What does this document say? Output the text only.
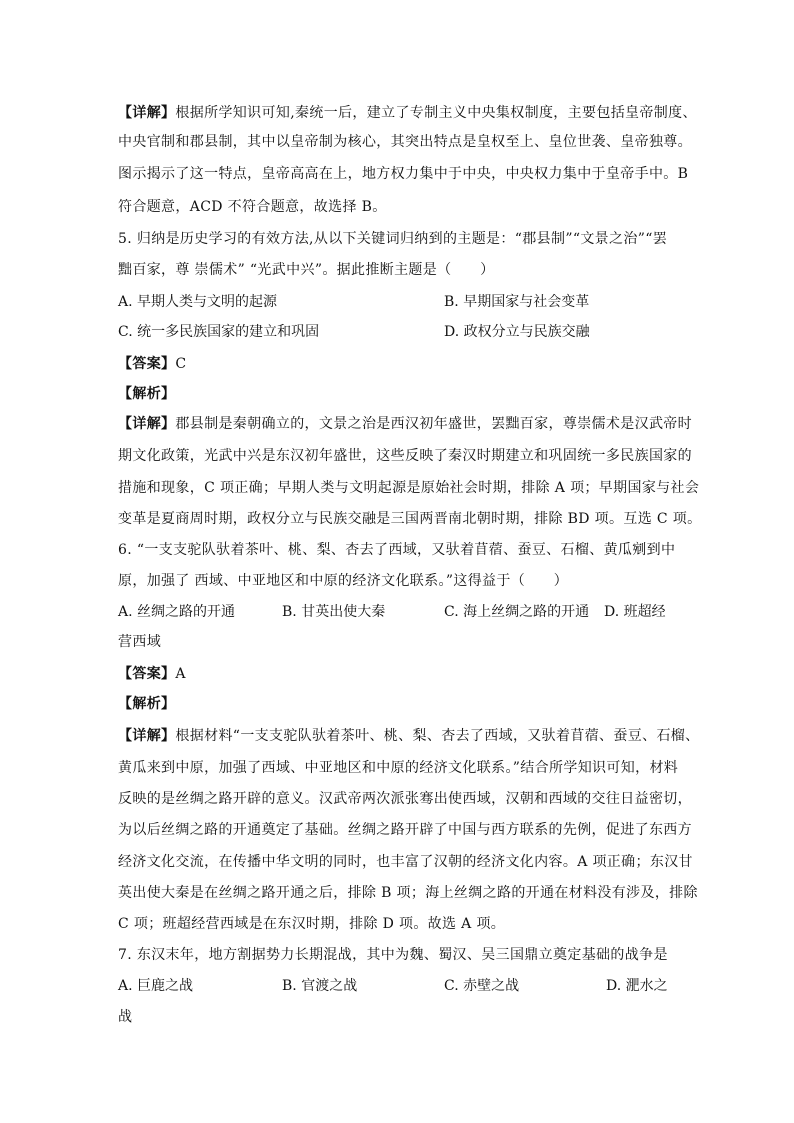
【详解】根据所学知识可知,秦统一后，建立了专制主义中央集权制度，主要包括皇帝制度、
中央官制和郡县制，其中以皇帝制为核心，其突出特点是皇权至上、皇位世袭、皇帝独尊。
图示揭示了这一特点，皇帝高高在上，地方权力集中于中央，中央权力集中于皇帝手中。B
符合题意，ACD 不符合题意，故选择 B。
5. 归纳是历史学习的有效方法,从以下关键词归纳到的主题是：“郡县制”“文景之治”“罢
黜百家，尊 崇儒术” “光武中兴”。据此推断主题是（　　）
A. 早期人类与文明的起源	B. 早期国家与社会变革
C. 统一多民族国家的建立和巩固	D. 政权分立与民族交融
【答案】C
【解析】
【详解】郡县制是秦朝确立的，文景之治是西汉初年盛世，罢黜百家，尊崇儒术是汉武帝时
期文化政策，光武中兴是东汉初年盛世，这些反映了秦汉时期建立和巩固统一多民族国家的
措施和现象，C 项正确；早期人类与文明起源是原始社会时期，排除 A 项；早期国家与社会
变革是夏商周时期，政权分立与民族交融是三国两晋南北朝时期，排除 BD 项。互选 C 项。
6. “一支支驼队驮着茶叶、桃、梨、杏去了西域，又驮着苜蓿、蚕豆、石榴、黄瓜剜到中
原，加强了 西域、中亚地区和中原的经济文化联系。”这得益于（　　）
A. 丝绸之路的开通	B. 甘英出使大秦	C. 海上丝绸之路的开通 D. 班超经
营西域
【答案】A
【解析】
【详解】根据材料“一支支驼队驮着茶叶、桃、梨、杏去了西域，又驮着苜蓿、蚕豆、石榴、
黄瓜来到中原，加强了西域、中亚地区和中原的经济文化联系。”结合所学知识可知，材料
反映的是丝绸之路开辟的意义。汉武帝两次派张骞出使西域，汉朝和西域的交往日益密切，
为以后丝绸之路的开通奠定了基础。丝绸之路开辟了中国与西方联系的先例，促进了东西方
经济文化交流，在传播中华文明的同时，也丰富了汉朝的经济文化内容。A 项正确；东汉甘
英出使大秦是在丝绸之路开通之后，排除 B 项；海上丝绸之路的开通在材料没有涉及，排除
C 项；班超经营西域是在东汉时期，排除 D 项。故选 A 项。
7. 东汉末年，地方割据势力长期混战，其中为魏、蜀汉、吴三国鼎立奠定基础的战争是
A. 巨鹿之战	B. 官渡之战	C. 赤壁之战	D. 淝水之
战
